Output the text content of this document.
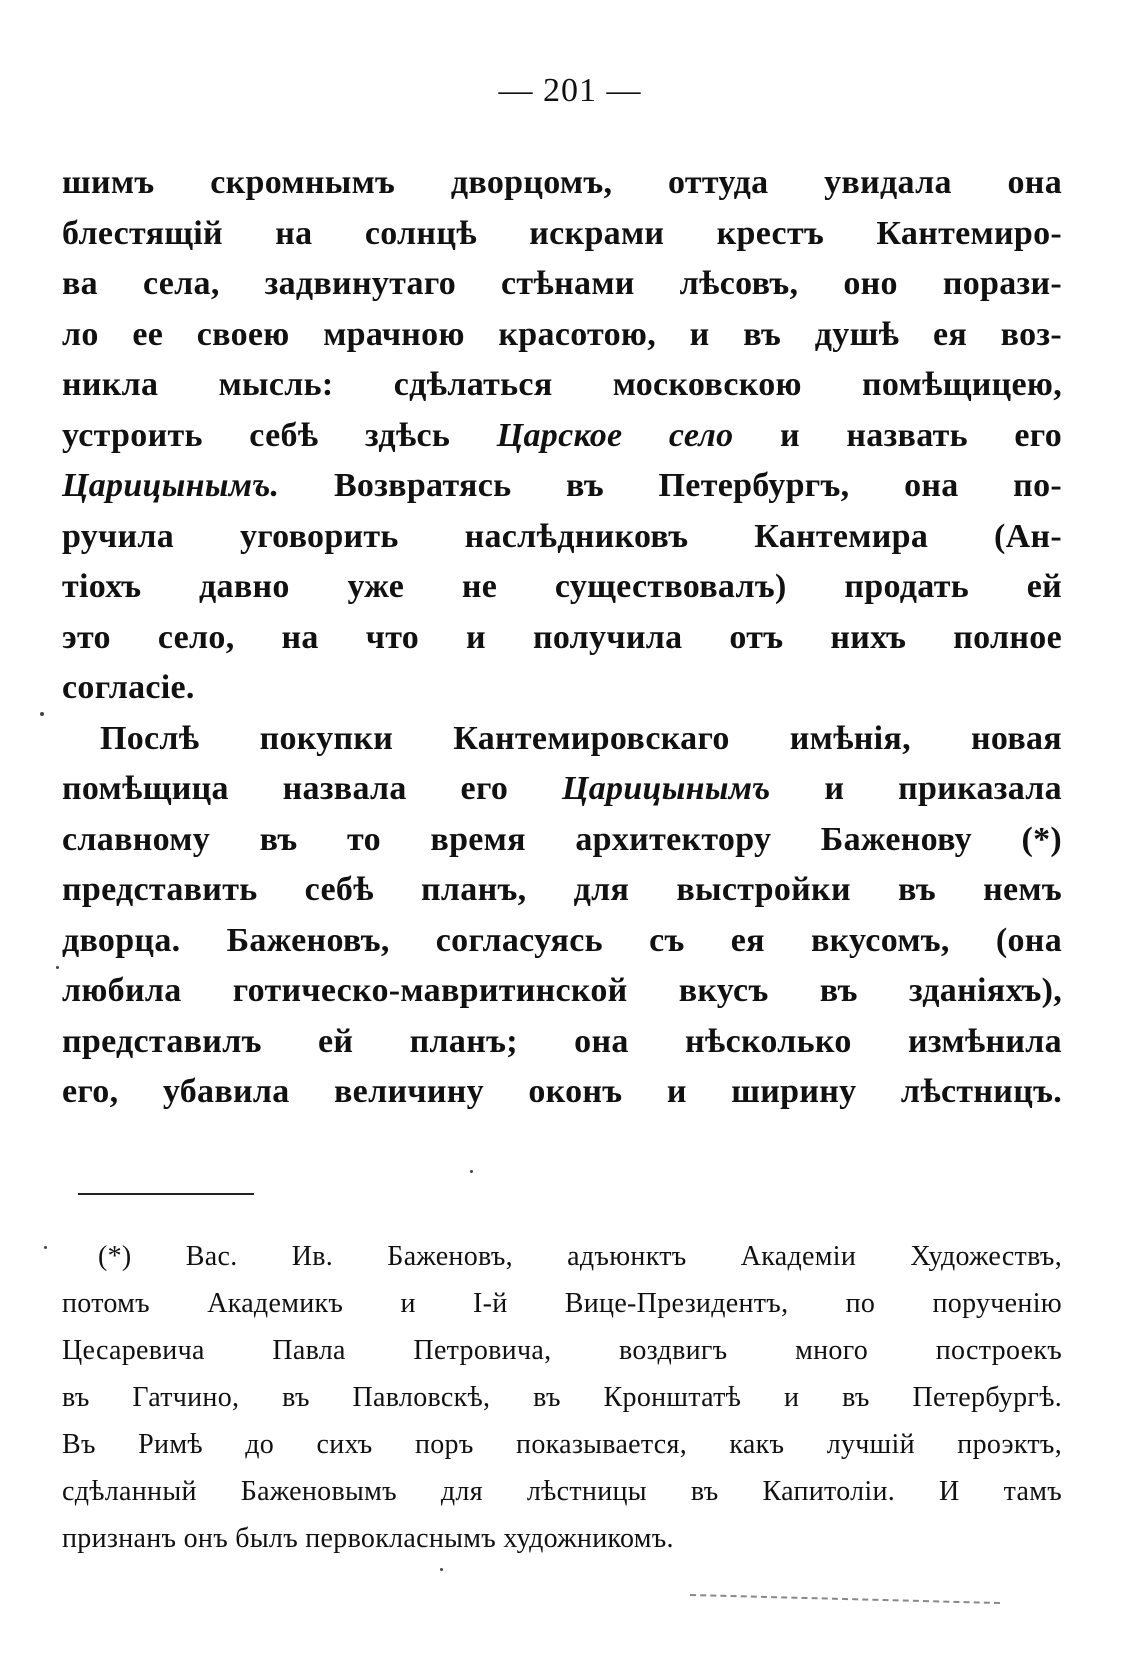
— 201 —
шимъ скромнымъ дворцомъ, оттуда увидала она
блестящій на солнцѣ искрами крестъ Кантемиро-
ва села, задвинутаго стѣнами лѣсовъ, оно порази-
ло ее своею мрачною красотою, и въ душѣ ея воз-
никла мысль: сдѣлаться московскою помѣщицею,
устроить себѣ здѣсь Царское село и назвать его
Царицынымъ. Возвратясь въ Петербургъ, она по-
ручила уговорить наслѣдниковъ Кантемира (Ан-
тіохъ давно уже не существовалъ) продать ей
это село, на что и получила отъ нихъ полное
согласіе.
Послѣ покупки Кантемировскаго имѣнія, новая
помѣщица назвала его Царицынымъ и приказала
славному въ то время архитектору Баженову (*)
представить себѣ планъ, для выстройки въ немъ
дворца. Баженовъ, согласуясь съ ея вкусомъ, (она
любила готическо-мавритинской вкусъ въ зданіяхъ),
представилъ ей планъ; она нѣсколько измѣнила
его, убавила величину оконъ и ширину лѣстницъ.
(*) Вас. Ив. Баженовъ, адъюнктъ Академіи Художествъ,
потомъ Академикъ и І-й Вице-Президентъ, по порученію
Цесаревича Павла Петровича, воздвигъ много построекъ
въ Гатчино, въ Павловскѣ, въ Кронштатѣ и въ Петербургѣ.
Въ Римѣ до сихъ поръ показывается, какъ лучшій проэктъ,
сдѣланный Баженовымъ для лѣстницы въ Капитоліи. И тамъ
признанъ онъ былъ первокласнымъ художникомъ.
